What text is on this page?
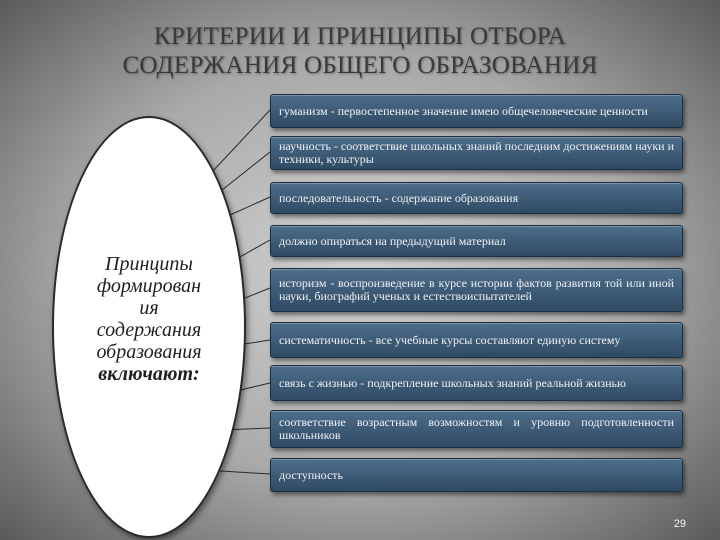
КРИТЕРИИ И ПРИНЦИПЫ ОТБОРА
СОДЕРЖАНИЯ ОБЩЕГО ОБРАЗОВАНИЯ
Принципы
формирован
ия
содержания
образования
включают:
гуманизм - первостепенное значение имею общечеловеческие ценности
научность - соответствие школьных знаний последним достижениям науки и техники, культуры
последовательность - содержание образования
должно опираться на предыдущий материал
историзм - воспроизведение в курсе истории фактов развития той или иной науки, биографий ученых и естествоиспытателей
систематичность - все учебные курсы составляют единую систему
связь с жизнью - подкрепление школьных знаний реальной жизнью
соответствие возрастным возможностям и уровню подготовленности школьников
доступность
29
